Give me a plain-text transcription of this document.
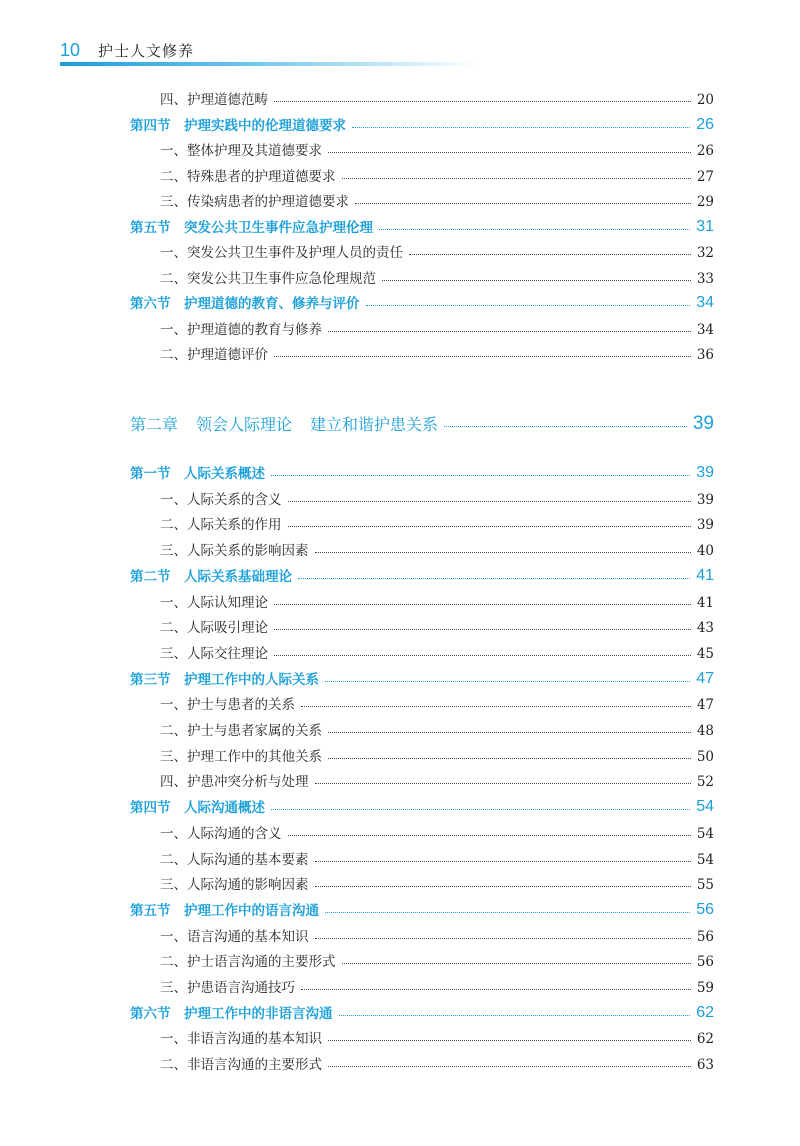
10 护士人文修养
四、护理道德范畴	20
第四节　护理实践中的伦理道德要求	26
一、整体护理及其道德要求	26
二、特殊患者的护理道德要求	27
三、传染病患者的护理道德要求	29
第五节　突发公共卫生事件应急护理伦理	31
一、突发公共卫生事件及护理人员的责任	32
二、突发公共卫生事件应急伦理规范	33
第六节　护理道德的教育、修养与评价	34
一、护理道德的教育与修养	34
二、护理道德评价	36
第二章 领会人际理论 建立和谐护患关系	39
第一节　人际关系概述	39
一、人际关系的含义	39
二、人际关系的作用	39
三、人际关系的影响因素	40
第二节　人际关系基础理论	41
一、人际认知理论	41
二、人际吸引理论	43
三、人际交往理论	45
第三节　护理工作中的人际关系	47
一、护士与患者的关系	47
二、护士与患者家属的关系	48
三、护理工作中的其他关系	50
四、护患冲突分析与处理	52
第四节　人际沟通概述	54
一、人际沟通的含义	54
二、人际沟通的基本要素	54
三、人际沟通的影响因素	55
第五节　护理工作中的语言沟通	56
一、语言沟通的基本知识	56
二、护士语言沟通的主要形式	56
三、护患语言沟通技巧	59
第六节　护理工作中的非语言沟通	62
一、非语言沟通的基本知识	62
二、非语言沟通的主要形式	63
